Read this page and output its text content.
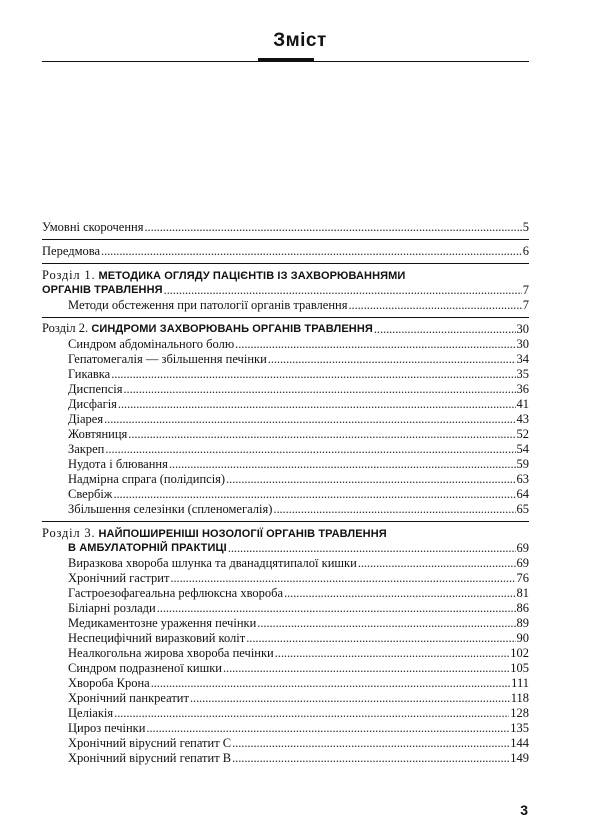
Зміст
Умовні скорочення . . .	5
Передмова . . .	6
Розділ 1. МЕТОДИКА ОГЛЯДУ ПАЦІЄНТІВ ІЗ ЗАХВОРЮВАННЯМИ
ОРГАНІВ ТРАВЛЕННЯ . . .	7
Методи обстеження при патології органів травлення . . .	7
Розділ 2. СИНДРОМИ ЗАХВОРЮВАНЬ ОРГАНІВ ТРАВЛЕННЯ . . .	30
Синдром абдомінального болю . . .	30
Гепатомегалія — збільшення печінки . . .	34
Гикавка . . .	35
Диспепсія . . .	36
Дисфагія . . .	41
Діарея . . .	43
Жовтяниця . . .	52
Закреп . . .	54
Нудота і блювання . . .	59
Надмірна спрага (полідипсія) . . .	63
Свербіж . . .	64
Збільшення селезінки (спленомегалія) . . .	65
Розділ 3. НАЙПОШИРЕНІШІ НОЗОЛОГІЇ ОРГАНІВ ТРАВЛЕННЯ
В АМБУЛАТОРНІЙ ПРАКТИЦІ . . .	69
Виразкова хвороба шлунка та дванадцятипалої кишки . . .	69
Хронічний гастрит . . .	76
Гастроезофагеальна рефлюксна хвороба . . .	81
Біліарні розлади . . .	86
Медикаментозне ураження печінки . . .	89
Неспецифічний виразковий коліт . . .	90
Неалкогольна жирова хвороба печінки . . .	102
Синдром подразненої кишки . . .	105
Хвороба Крона . . .	111
Хронічний панкреатит . . .	118
Целіакія . . .	128
Цироз печінки . . .	135
Хронічний вірусний гепатит С . . .	144
Хронічний вірусний гепатит В . . .	149
3
